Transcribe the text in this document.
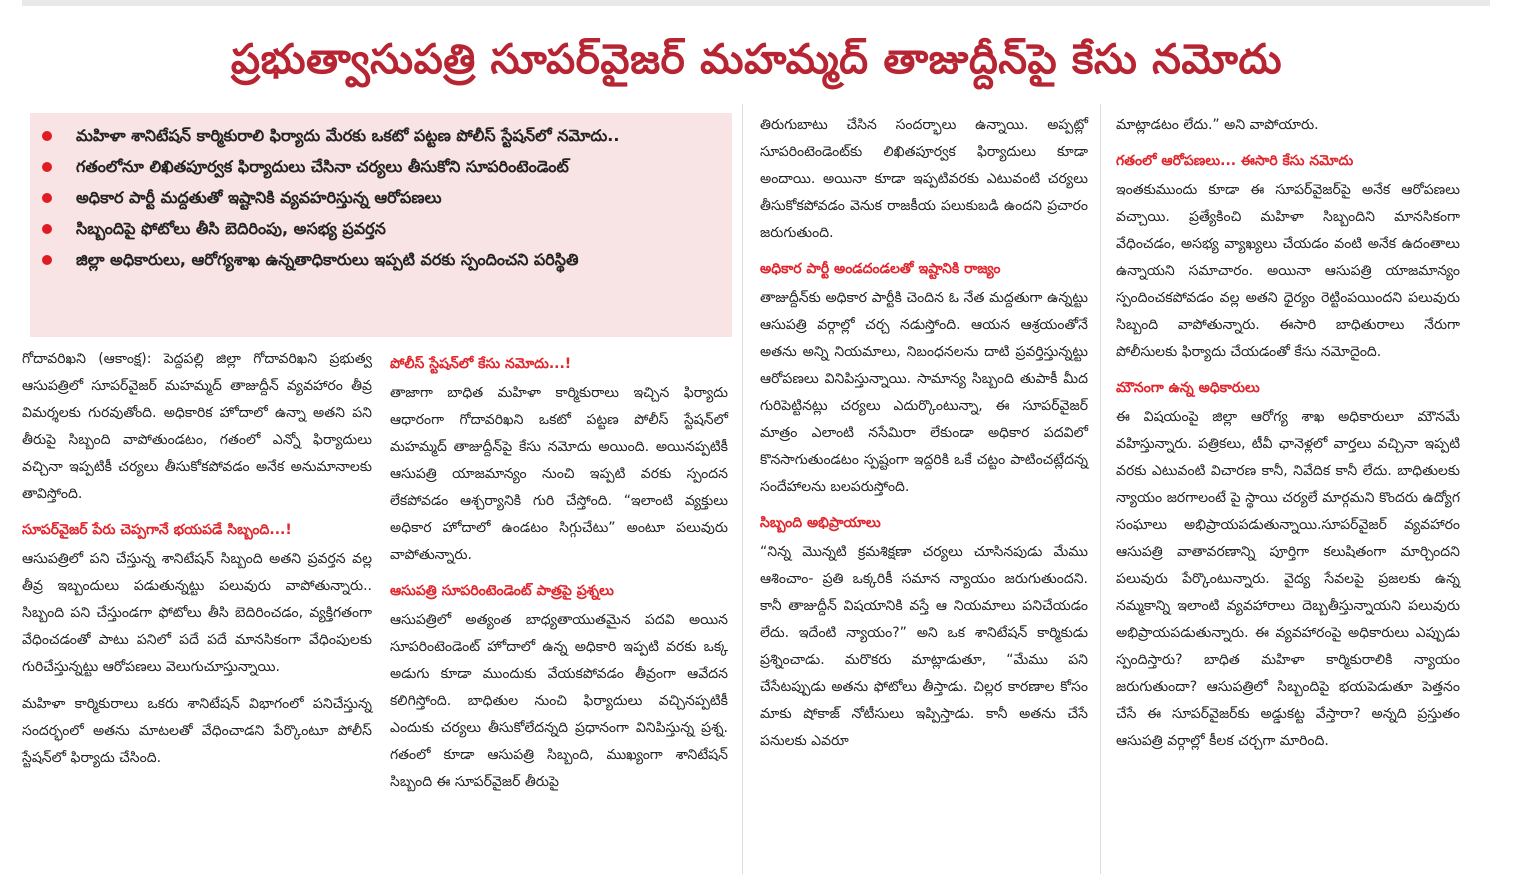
ప్రభుత్వాసుపత్రి సూపర్‌వైజర్ మహమ్మద్ తాజుద్దీన్‌పై కేసు నమోదు
మహిళా శానిటేషన్ కార్మికురాలి ఫిర్యాదు మేరకు ఒకటో పట్టణ పోలీస్ స్టేషన్‌లో నమోదు..
గతంలోనూ లిఖితపూర్వక ఫిర్యాదులు చేసినా చర్యలు తీసుకోని సూపరింటెండెంట్
అధికార పార్టీ మద్దతుతో ఇష్టానికి వ్యవహరిస్తున్న ఆరోపణలు
సిబ్బందిపై ఫోటోలు తీసి బెదిరింపు, అసభ్య ప్రవర్తన
జిల్లా అధికారులు, ఆరోగ్యశాఖ ఉన్నతాధికారులు ఇప్పటి వరకు స్పందించని పరిస్థితి

గోదావరిఖని (ఆకాంక్ష): పెద్దపల్లి జిల్లా గోదావరిఖని ప్రభుత్వ ఆసుపత్రిలో సూపర్‌వైజర్ మహమ్మద్ తాజుద్దీన్ వ్యవహారం తీవ్ర విమర్శలకు గురవుతోంది. అధికారిక హోదాలో ఉన్నా అతని పని తీరుపై సిబ్బంది వాపోతుండటం, గతంలో ఎన్నో ఫిర్యాదులు వచ్చినా ఇప్పటికీ చర్యలు తీసుకోకపోవడం అనేక అనుమానాలకు తావిస్తోంది.

సూపర్‌వైజర్ పేరు చెప్పగానే భయపడే సిబ్బంది...!

ఆసుపత్రిలో పని చేస్తున్న శానిటేషన్ సిబ్బంది అతని ప్రవర్తన వల్ల తీవ్ర ఇబ్బందులు పడుతున్నట్టు పలువురు వాపోతున్నారు.. సిబ్బంది పని చేస్తుండగా ఫోటోలు తీసి బెదిరించడం, వ్యక్తిగతంగా వేధించడంతో పాటు పనిలో పదే పదే మానసికంగా వేధింపులకు గురిచేస్తున్నట్టు ఆరోపణలు వెలుగుచూస్తున్నాయి.

మహిళా కార్మికురాలు ఒకరు శానిటేషన్ విభాగంలో పనిచేస్తున్న సందర్భంలో అతను మాటలతో వేధించాడని పేర్కొంటూ పోలీస్ స్టేషన్‌లో ఫిర్యాదు చేసింది.

పోలీస్ స్టేషన్‌లో కేసు నమోదు...!

తాజాగా బాధిత మహిళా కార్మికురాలు ఇచ్చిన ఫిర్యాదు ఆధారంగా గోదావరిఖని ఒకటో పట్టణ పోలీస్ స్టేషన్‌లో మహమ్మద్ తాజుద్దీన్‌పై కేసు నమోదు అయింది. అయినప్పటికీ ఆసుపత్రి యాజమాన్యం నుంచి ఇప్పటి వరకు స్పందన లేకపోవడం ఆశ్చర్యానికి గురి చేస్తోంది. “ఇలాంటి వ్యక్తులు అధికార హోదాలో ఉండటం సిగ్గుచేటు” అంటూ పలువురు వాపోతున్నారు.

ఆసుపత్రి సూపరింటెండెంట్ పాత్రపై ప్రశ్నలు

ఆసుపత్రిలో అత్యంత బాధ్యతాయుతమైన పదవి అయిన సూపరింటెండెంట్ హోదాలో ఉన్న అధికారి ఇప్పటి వరకు ఒక్క అడుగు కూడా ముందుకు వేయకపోవడం తీవ్రంగా ఆవేదన కలిగిస్తోంది. బాధితుల నుంచి ఫిర్యాదులు వచ్చినప్పటికీ ఎందుకు చర్యలు తీసుకోలేదన్నది ప్రధానంగా వినిపిస్తున్న ప్రశ్న. గతంలో కూడా ఆసుపత్రి సిబ్బంది, ముఖ్యంగా శానిటేషన్ సిబ్బంది ఈ సూపర్‌వైజర్ తీరుపై

తిరుగుబాటు చేసిన సందర్భాలు ఉన్నాయి. అప్పట్లో సూపరింటెండెంట్‌కు లిఖితపూర్వక ఫిర్యాదులు కూడా అందాయి. అయినా కూడా ఇప్పటివరకు ఎటువంటి చర్యలు తీసుకోకపోవడం వెనుక రాజకీయ పలుకుబడి ఉందని ప్రచారం జరుగుతుంది.

అధికార పార్టీ అండదండలతో ఇష్టానికి రాజ్యం

తాజుద్దీన్‌కు అధికార పార్టీకి చెందిన ఓ నేత మద్దతుగా ఉన్నట్టు ఆసుపత్రి వర్గాల్లో చర్చ నడుస్తోంది. ఆయన ఆశ్రయంతోనే అతను అన్ని నియమాలు, నిబంధనలను దాటి ప్రవర్తిస్తున్నట్టు ఆరోపణలు వినిపిస్తున్నాయి. సామాన్య సిబ్బంది తుపాకీ మీద గురిపెట్టినట్లు చర్యలు ఎదుర్కొంటున్నా, ఈ సూపర్‌వైజర్ మాత్రం ఎలాంటి నసేమిరా లేకుండా అధికార పదవిలో కొనసాగుతుండటం స్పష్టంగా ఇద్దరికి ఒకే చట్టం పాటించట్లేదన్న సందేహాలను బలపరుస్తోంది.

సిబ్బంది అభిప్రాయాలు

“నిన్న మొన్నటి క్రమశిక్షణా చర్యలు చూసినపుడు మేము ఆశించాం- ప్రతి ఒక్కరికీ సమాన న్యాయం జరుగుతుందని. కానీ తాజుద్దీన్ విషయానికి వస్తే ఆ నియమాలు పనిచేయడం లేదు. ఇదేంటి న్యాయం?” అని ఒక శానిటేషన్ కార్మికుడు ప్రశ్నించాడు. మరొకరు మాట్లాడుతూ, “మేము పని చేసేటప్పుడు అతను ఫోటోలు తీస్తాడు. చిల్లర కారణాల కోసం మాకు షోకాజ్ నోటీసులు ఇప్పిస్తాడు. కానీ అతను చేసే పనులకు ఎవరూ

మాట్లాడటం లేదు.” అని వాపోయారు.

గతంలో ఆరోపణలు... ఈసారి కేసు నమోదు

ఇంతకుముందు కూడా ఈ సూపర్‌వైజర్‌పై అనేక ఆరోపణలు వచ్చాయి. ప్రత్యేకించి మహిళా సిబ్బందిని మానసికంగా వేధించడం, అసభ్య వ్యాఖ్యలు చేయడం వంటి అనేక ఉదంతాలు ఉన్నాయని సమాచారం. అయినా ఆసుపత్రి యాజమాన్యం స్పందించకపోవడం వల్ల అతని ధైర్యం రెట్టింపయిందని పలువురు సిబ్బంది వాపోతున్నారు. ఈసారి బాధితురాలు నేరుగా పోలీసులకు ఫిర్యాదు చేయడంతో కేసు నమోదైంది.

మౌనంగా ఉన్న అధికారులు

ఈ విషయంపై జిల్లా ఆరోగ్య శాఖ అధికారులూ మౌనమే వహిస్తున్నారు. పత్రికలు, టీవీ ఛానెళ్లలో వార్తలు వచ్చినా ఇప్పటి వరకు ఎటువంటి విచారణ కానీ, నివేదిక కానీ లేదు. బాధితులకు న్యాయం జరగాలంటే పై స్థాయి చర్యలే మార్గమని కొందరు ఉద్యోగ సంఘాలు అభిప్రాయపడుతున్నాయి.సూపర్‌వైజర్ వ్యవహారం ఆసుపత్రి వాతావరణాన్ని పూర్తిగా కలుషితంగా మార్చిందని పలువురు పేర్కొంటున్నారు. వైద్య సేవలపై ప్రజలకు ఉన్న నమ్మకాన్ని ఇలాంటి వ్యవహారాలు దెబ్బతీస్తున్నాయని పలువురు అభిప్రాయపడుతున్నారు. ఈ వ్యవహారంపై అధికారులు ఎప్పుడు స్పందిస్తారు? బాధిత మహిళా కార్మికురాలికి న్యాయం జరుగుతుందా? ఆసుపత్రిలో సిబ్బందిపై భయపెడుతూ పెత్తనం చేసే ఈ సూపర్‌వైజర్‌కు అడ్డుకట్ట వేస్తారా? అన్నది ప్రస్తుతం ఆసుపత్రి వర్గాల్లో కీలక చర్చగా మారింది.
